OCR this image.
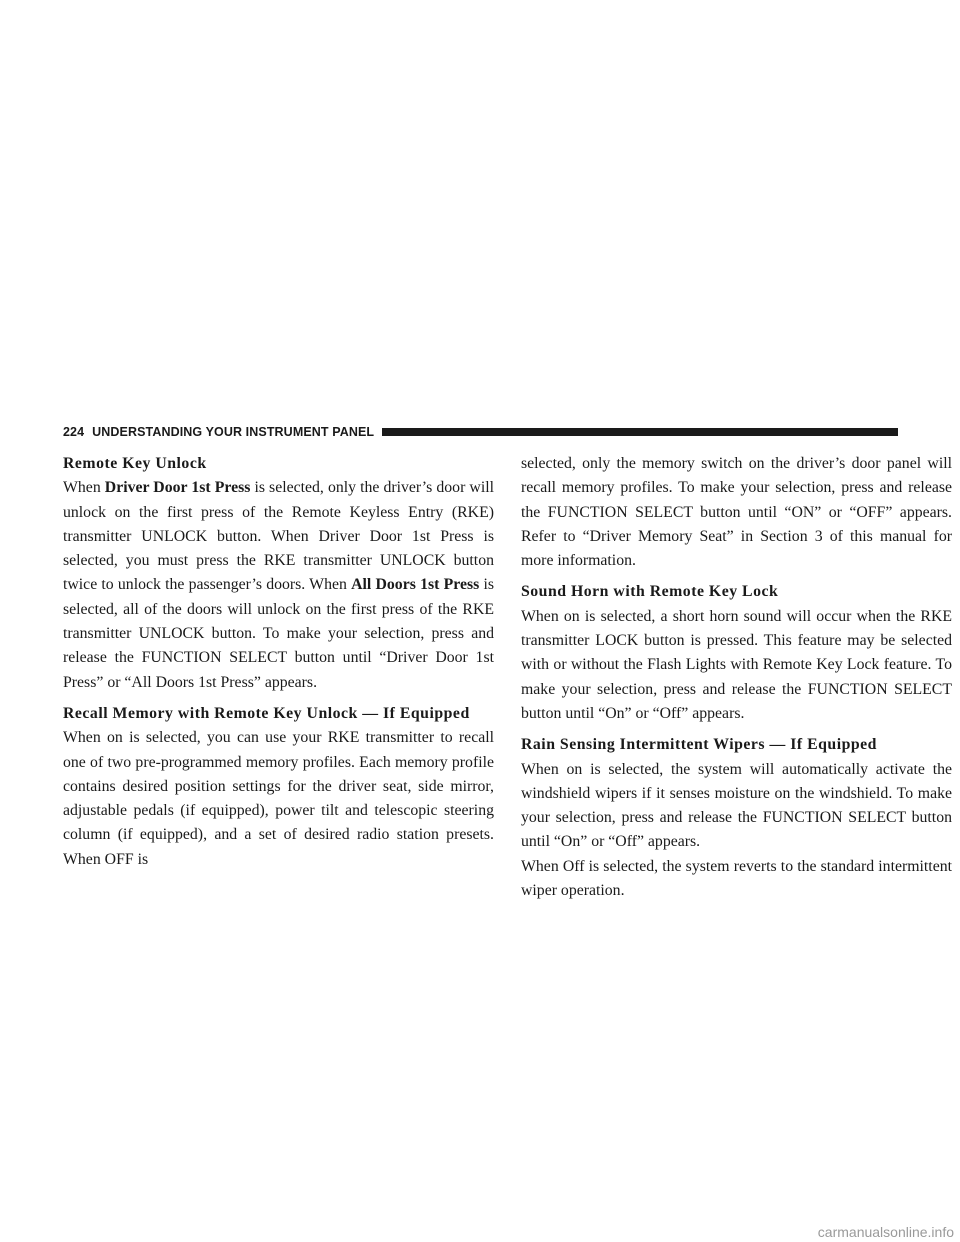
224 UNDERSTANDING YOUR INSTRUMENT PANEL
Remote Key Unlock

When Driver Door 1st Press is selected, only the driver’s door will unlock on the first press of the Remote Keyless Entry (RKE) transmitter UNLOCK button. When Driver Door 1st Press is selected, you must press the RKE transmitter UNLOCK button twice to unlock the passenger’s doors. When All Doors 1st Press is selected, all of the doors will unlock on the first press of the RKE transmitter UNLOCK button. To make your selection, press and release the FUNCTION SELECT button until “Driver Door 1st Press” or “All Doors 1st Press” appears.

Recall Memory with Remote Key Unlock — If Equipped

When on is selected, you can use your RKE transmitter to recall one of two pre-programmed memory profiles. Each memory profile contains desired position settings for the driver seat, side mirror, adjustable pedals (if equipped), power tilt and telescopic steering column (if equipped), and a set of desired radio station presets. When OFF is

selected, only the memory switch on the driver’s door panel will recall memory profiles. To make your selection, press and release the FUNCTION SELECT button until “ON” or “OFF” appears. Refer to “Driver Memory Seat” in Section 3 of this manual for more information.

Sound Horn with Remote Key Lock

When on is selected, a short horn sound will occur when the RKE transmitter LOCK button is pressed. This feature may be selected with or without the Flash Lights with Remote Key Lock feature. To make your selection, press and release the FUNCTION SELECT button until “On” or “Off” appears.

Rain Sensing Intermittent Wipers — If Equipped

When on is selected, the system will automatically activate the windshield wipers if it senses moisture on the windshield. To make your selection, press and release the FUNCTION SELECT button until “On” or “Off” appears.

When Off is selected, the system reverts to the standard intermittent wiper operation.

carmanualsonline.info
